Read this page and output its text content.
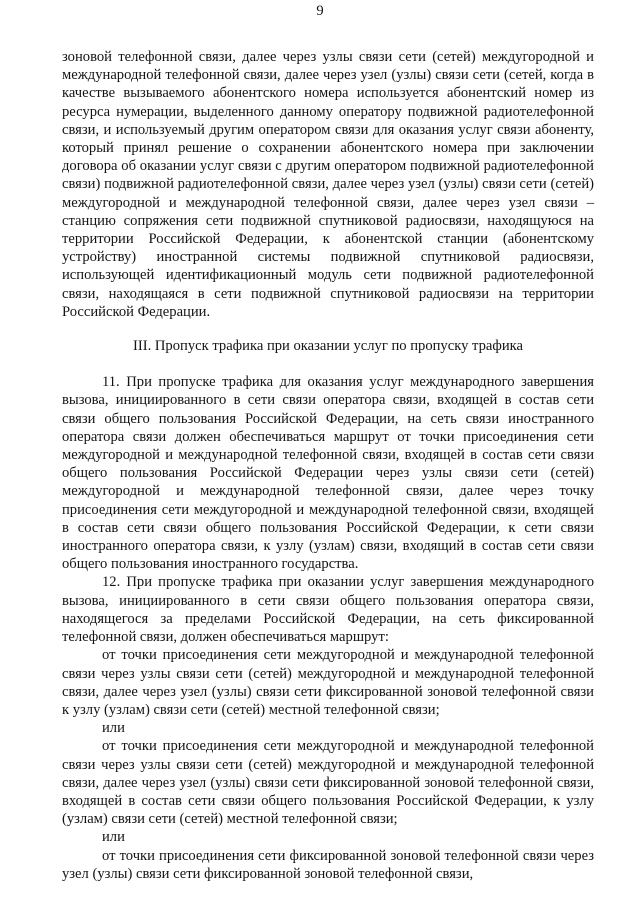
9

зоновой телефонной связи, далее через узлы связи сети (сетей) междугородной и международной телефонной связи, далее через узел (узлы) связи сети (сетей, когда в качестве вызываемого абонентского номера используется абонентский номер из ресурса нумерации, выделенного данному оператору подвижной радиотелефонной связи, и используемый другим оператором связи для оказания услуг связи абоненту, который принял решение о сохранении абонентского номера при заключении договора об оказании услуг связи с другим оператором подвижной радиотелефонной связи) подвижной радиотелефонной связи, далее через узел (узлы) связи сети (сетей) междугородной и международной телефонной связи, далее через узел связи – станцию сопряжения сети подвижной спутниковой радиосвязи, находящуюся на территории Российской Федерации, к абонентской станции (абонентскому устройству) иностранной системы подвижной спутниковой радиосвязи, использующей идентификационный модуль сети подвижной радиотелефонной связи, находящаяся в сети подвижной спутниковой радиосвязи на территории Российской Федерации.

III. Пропуск трафика при оказании услуг по пропуску трафика

11. При пропуске трафика для оказания услуг международного завершения вызова, инициированного в сети связи оператора связи, входящей в состав сети связи общего пользования Российской Федерации, на сеть связи иностранного оператора связи должен обеспечиваться маршрут от точки присоединения сети междугородной и международной телефонной связи, входящей в состав сети связи общего пользования Российской Федерации через узлы связи сети (сетей) междугородной и международной телефонной связи, далее через точку присоединения сети междугородной и международной телефонной связи, входящей в состав сети связи общего пользования Российской Федерации, к сети связи иностранного оператора связи, к узлу (узлам) связи, входящий в состав сети связи общего пользования иностранного государства.

12. При пропуске трафика при оказании услуг завершения международного вызова, инициированного в сети связи общего пользования оператора связи, находящегося за пределами Российской Федерации, на сеть фиксированной телефонной связи, должен обеспечиваться маршрут:

от точки присоединения сети междугородной и международной телефонной связи через узлы связи сети (сетей) междугородной и международной телефонной связи, далее через узел (узлы) связи сети фиксированной зоновой телефонной связи к узлу (узлам) связи сети (сетей) местной телефонной связи;

или

от точки присоединения сети междугородной и международной телефонной связи через узлы связи сети (сетей) междугородной и международной телефонной связи, далее через узел (узлы) связи сети фиксированной зоновой телефонной связи, входящей в состав сети связи общего пользования Российской Федерации, к узлу (узлам) связи сети (сетей) местной телефонной связи;

или

от точки присоединения сети фиксированной зоновой телефонной связи через узел (узлы) связи сети фиксированной зоновой телефонной связи,
